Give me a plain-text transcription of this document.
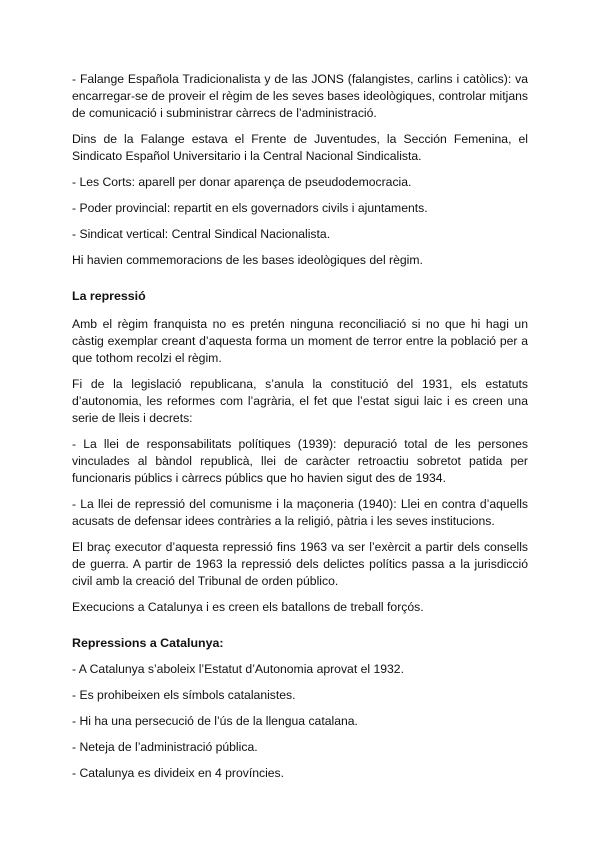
- Falange Española Tradicionalista y de las JONS (falangistes, carlins i catòlics): va encarregar-se de proveir el règim de les seves bases ideològiques, controlar mitjans de comunicació i subministrar càrrecs de l’administració.

Dins de la Falange estava el Frente de Juventudes, la Sección Femenina, el Sindicato Español Universitario i la Central Nacional Sindicalista.

- Les Corts: aparell per donar aparença de pseudodemocracia.

- Poder provincial: repartit en els governadors civils i ajuntaments.

- Sindicat vertical: Central Sindical Nacionalista.

Hi havien commemoracions de les bases ideològiques del règim.

La repressió

Amb el règim franquista no es pretén ninguna reconciliació si no que hi hagi un càstig exemplar creant d’aquesta forma un moment de terror entre la població per a que tothom recolzi el règim.

Fi de la legislació republicana, s’anula la constitució del 1931, els estatuts d’autonomia, les reformes com l’agrària, el fet que l’estat sigui laic i es creen una serie de lleis i decrets:

- La llei de responsabilitats polítiques (1939): depuració total de les persones vinculades al bàndol republicà, llei de caràcter retroactiu sobretot patida per funcionaris públics i càrrecs públics que ho havien sigut des de 1934.

- La llei de repressió del comunisme i la maçoneria (1940): Llei en contra d’aquells acusats de defensar idees contràries a la religió, pàtria i les seves institucions.

El braç executor d’aquesta repressió fins 1963 va ser l’exèrcit a partir dels consells de guerra. A partir de 1963 la repressió dels delictes polítics passa a la jurisdicció civil amb la creació del Tribunal de orden público.

Execucions a Catalunya i es creen els batallons de treball forçós.

Repressions a Catalunya:

- A Catalunya s’aboleix l’Estatut d’Autonomia aprovat el 1932.

- Es prohibeixen els símbols catalanistes.

- Hi ha una persecució de l’ús de la llengua catalana.

- Neteja de l’administració pública.

- Catalunya es divideix en 4 províncies.
